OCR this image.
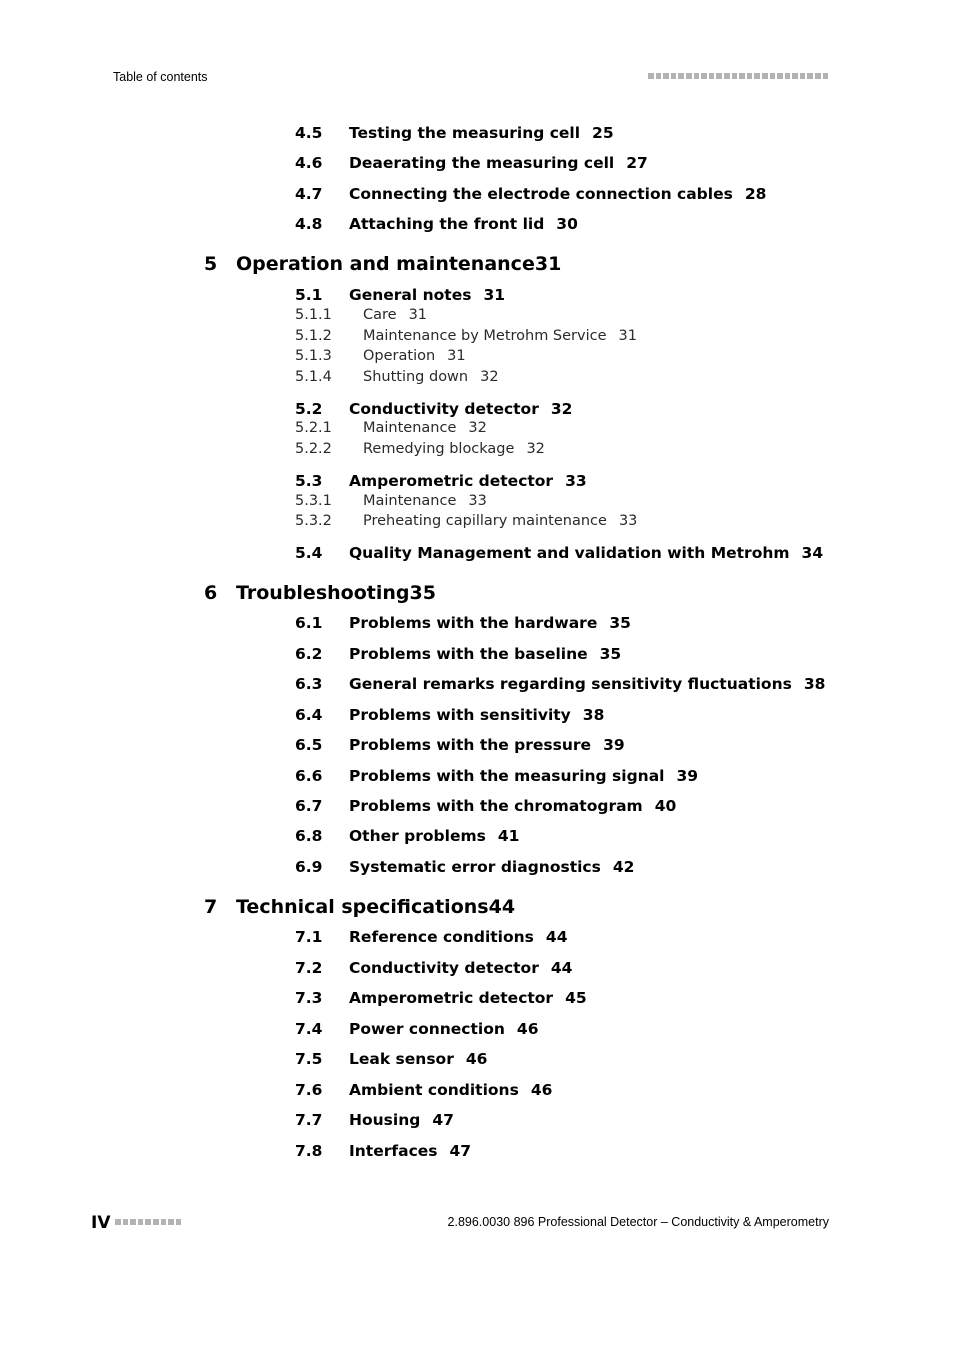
Table of contents
4.5 Testing the measuring cell 25
4.6 Deaerating the measuring cell 27
4.7 Connecting the electrode connection cables 28
4.8 Attaching the front lid 30
5 Operation and maintenance 31
5.1 General notes 31
5.1.1 Care 31
5.1.2 Maintenance by Metrohm Service 31
5.1.3 Operation 31
5.1.4 Shutting down 32
5.2 Conductivity detector 32
5.2.1 Maintenance 32
5.2.2 Remedying blockage 32
5.3 Amperometric detector 33
5.3.1 Maintenance 33
5.3.2 Preheating capillary maintenance 33
5.4 Quality Management and validation with Metrohm 34
6 Troubleshooting 35
6.1 Problems with the hardware 35
6.2 Problems with the baseline 35
6.3 General remarks regarding sensitivity fluctuations 38
6.4 Problems with sensitivity 38
6.5 Problems with the pressure 39
6.6 Problems with the measuring signal 39
6.7 Problems with the chromatogram 40
6.8 Other problems 41
6.9 Systematic error diagnostics 42
7 Technical specifications 44
7.1 Reference conditions 44
7.2 Conductivity detector 44
7.3 Amperometric detector 45
7.4 Power connection 46
7.5 Leak sensor 46
7.6 Ambient conditions 46
7.7 Housing 47
7.8 Interfaces 47
IV	2.896.0030 896 Professional Detector – Conductivity & Amperometry
